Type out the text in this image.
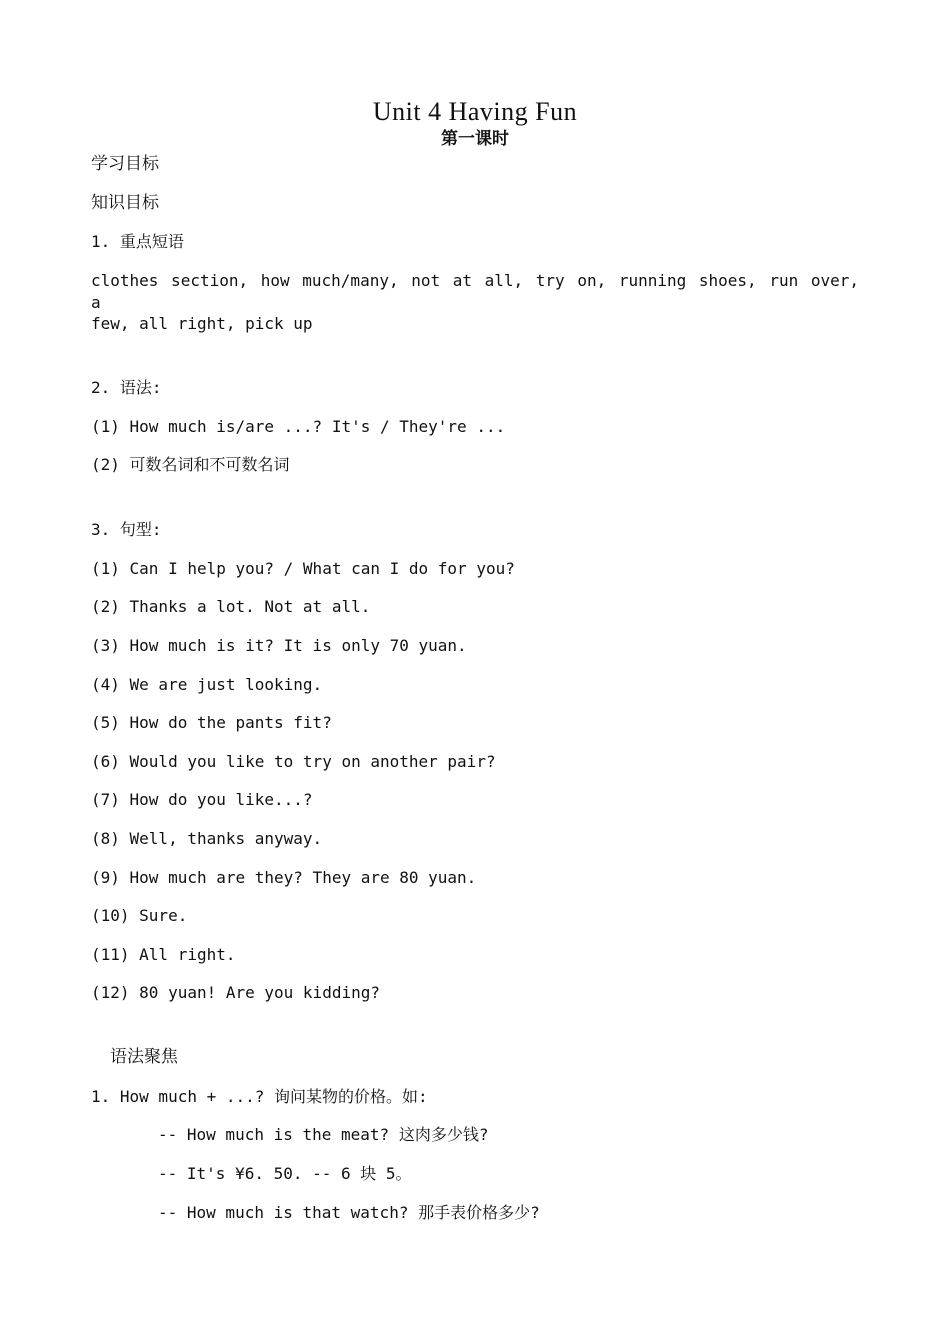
Unit 4 Having Fun
第一课时
学习目标
知识目标
1. 重点短语
clothes section, how much/many, not at all, try on, running shoes, run over, a
few, all right, pick up
2. 语法:
(1) How much is/are ...? It's / They're ...
(2) 可数名词和不可数名词
3. 句型:
(1) Can I help you? / What can I do for you?
(2) Thanks a lot. Not at all.
(3) How much is it? It is only 70 yuan.
(4) We are just looking.
(5) How do the pants fit?
(6) Would you like to try on another pair?
(7) How do you like...?
(8) Well, thanks anyway.
(9) How much are they? They are 80 yuan.
(10) Sure.
(11) All right.
(12) 80 yuan! Are you kidding?
语法聚焦
1. How much + ...? 询问某物的价格。如:
-- How much is the meat? 这肉多少钱?
-- It's ¥6. 50. -- 6 块 5。
-- How much is that watch? 那手表价格多少?
